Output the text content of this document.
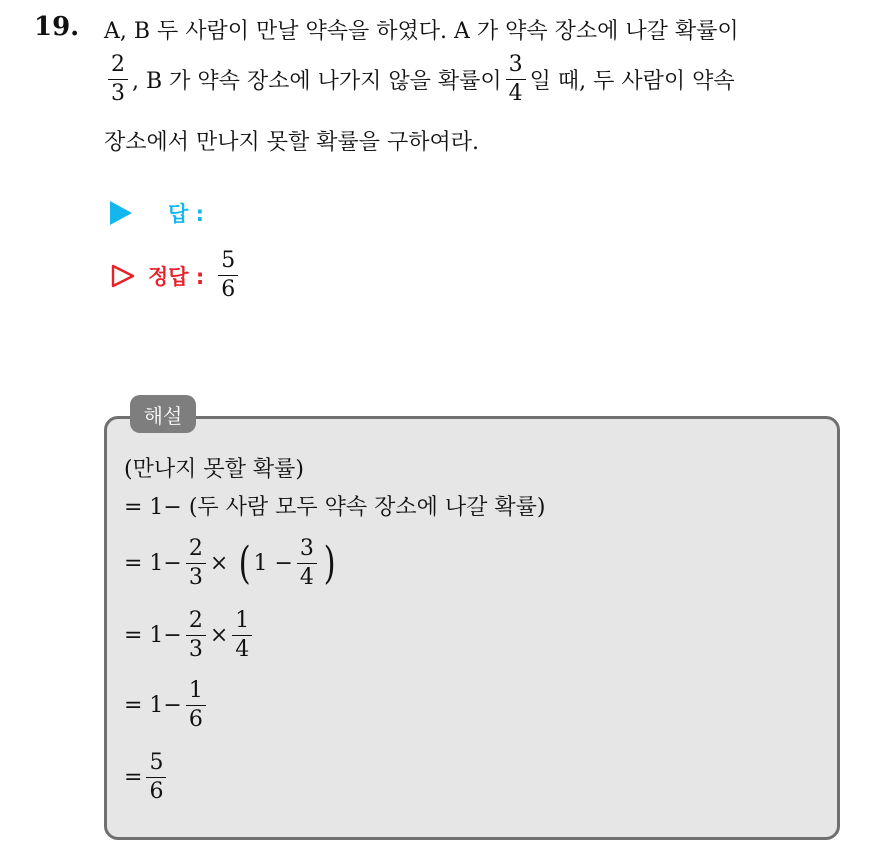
19. A, B 두 사람이 만날 약속을 하였다. A 가 약속 장소에 나갈 확률이
$\frac{2}{3}$ , B 가 약속 장소에 나가지 않을 확률이 $\frac{3}{4}$ 일 때, 두 사람이 약속
장소에서 만나지 못할 확률을 구하여라.
답 :
정답 : $\frac{5}{6}$
해설
(만나지 못할 확률)
= 1− (두 사람 모두 약속 장소에 나갈 확률)
= $1- \frac{2}{3}$ × ( $1 - \frac{3}{4}$ )
= $1- \frac{2}{3} \times \frac{1}{4}$
= $1- \frac{1}{6}$
= $\frac{5}{6}$
